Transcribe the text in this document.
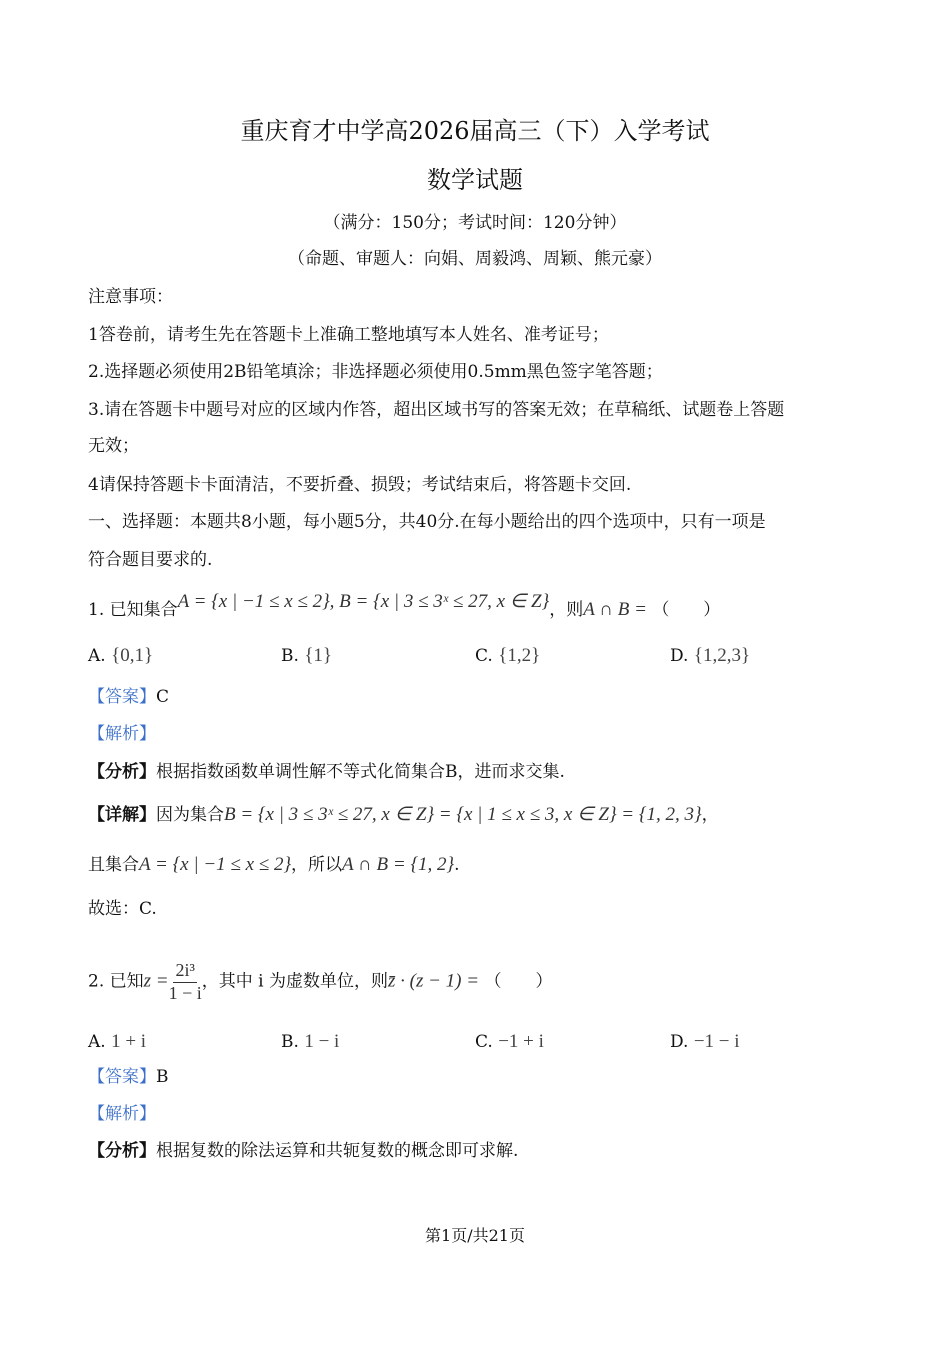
重庆育才中学高2026届高三（下）入学考试
数学试题
（满分：150分；考试时间：120分钟）
（命题、审题人：向娟、周毅鸿、周颖、熊元豪）
注意事项：
1答卷前，请考生先在答题卡上准确工整地填写本人姓名、准考证号；
2.选择题必须使用2B铅笔填涂；非选择题必须使用0.5mm黑色签字笔答题；
3.请在答题卡中题号对应的区域内作答，超出区域书写的答案无效；在草稿纸、试题卷上答题
无效；
4请保持答题卡卡面清洁，不要折叠、损毁；考试结束后，将答题卡交回.
一、选择题：本题共8小题，每小题5分，共40分.在每小题给出的四个选项中，只有一项是
符合题目要求的.
1. 已知集合A = {x | −1 ≤ x ≤ 2}, B = {x | 3 ≤ 3ˣ ≤ 27, x ∈ Z}，则A ∩ B = （　　）
A. {0,1}	B. {1}	C. {1,2}	D. {1,2,3}
【答案】C
【解析】
【分析】根据指数函数单调性解不等式化简集合B，进而求交集.
【详解】因为集合B = {x | 3 ≤ 3ˣ ≤ 27, x ∈ Z} = {x | 1 ≤ x ≤ 3, x ∈ Z} = {1, 2, 3}，
且集合A = {x | −1 ≤ x ≤ 2}，所以A ∩ B = {1, 2}.
故选：C.
2. 已知$z = \frac{\text{2i³}}{1 - i}$ ，其中 i 为虚数单位，则z̄ · (z − 1) = （　　）
A. 1 + i	B. 1 − i	C. −1 + i	D. −1 − i
【答案】B
【解析】
【分析】根据复数的除法运算和共轭复数的概念即可求解.
第1页/共21页
